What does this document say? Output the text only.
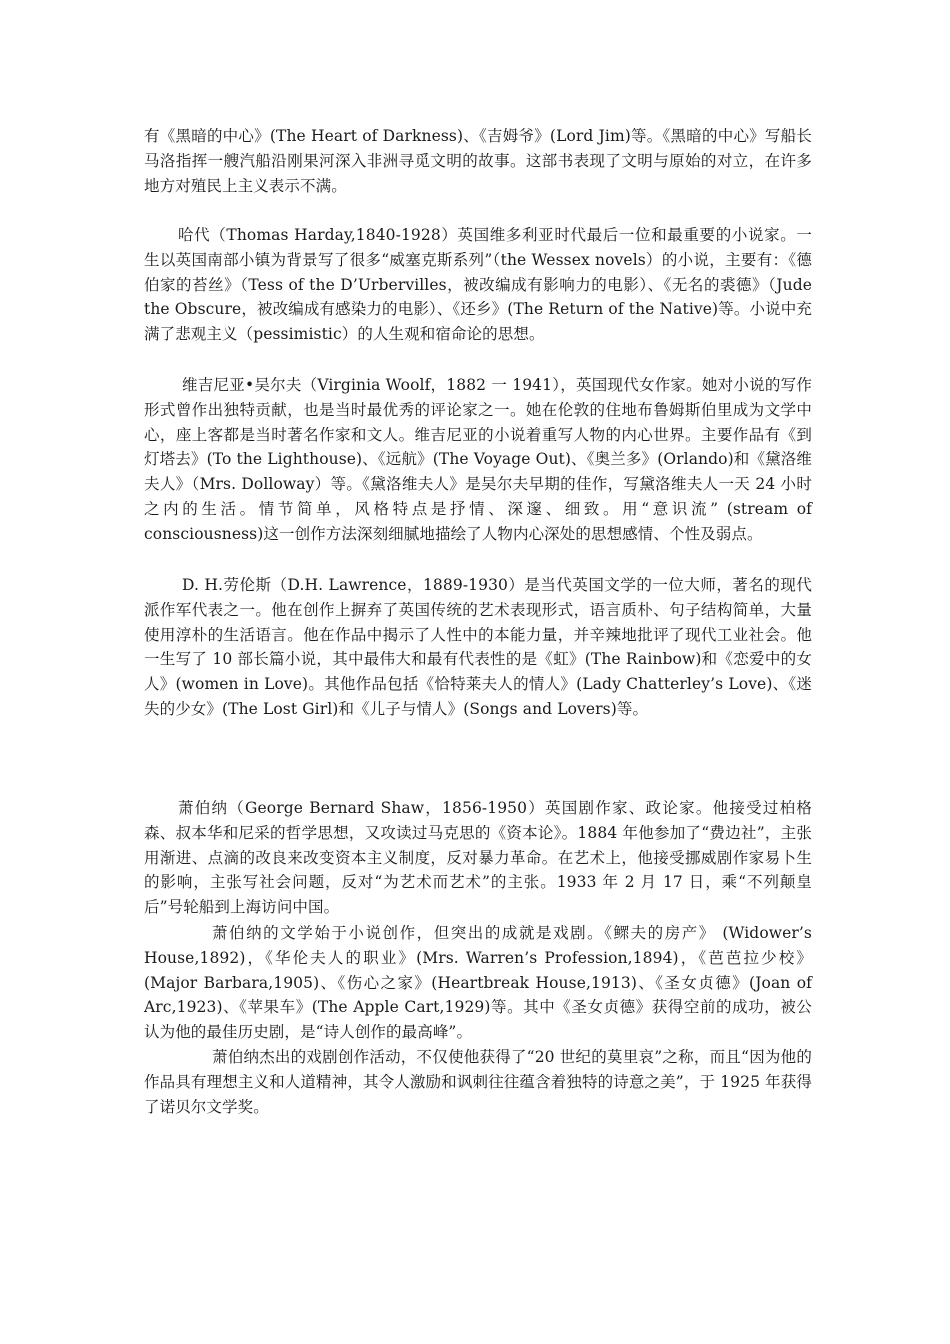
有《黑暗的中心》(The Heart of Darkness)、《吉姆爷》(Lord Jim)等。《黑暗的中心》写船长马洛指挥一艘汽船沿刚果河深入非洲寻觅文明的故事。这部书表现了文明与原始的对立，在许多地方对殖民上主义表示不满。

哈代（Thomas Harday,1840-1928）英国维多利亚时代最后一位和最重要的小说家。一生以英国南部小镇为背景写了很多“威塞克斯系列”（the Wessex novels）的小说，主要有：《德伯家的苔丝》（Tess of the D’Urbervilles，被改编成有影响力的电影）、《无名的裘德》（Jude the Obscure，被改编成有感染力的电影）、《还乡》(The Return of the Native)等。小说中充满了悲观主义（pessimistic）的人生观和宿命论的思想。

维吉尼亚•吴尔夫（Virginia Woolf，1882 一 1941），英国现代女作家。她对小说的写作形式曾作出独特贡献，也是当时最优秀的评论家之一。她在伦敦的住地布鲁姆斯伯里成为文学中心，座上客都是当时著名作家和文人。维吉尼亚的小说着重写人物的内心世界。主要作品有《到灯塔去》(To the Lighthouse)、《远航》(The Voyage Out)、《奥兰多》(Orlando)和《黛洛维夫人》（Mrs. Dolloway）等。《黛洛维夫人》是吴尔夫早期的佳作，写黛洛维夫人一天 24 小时之内的生活。情节简单，风格特点是抒情、深邃、细致。用“意识流” (stream of consciousness)这一创作方法深刻细腻地描绘了人物内心深处的思想感情、个性及弱点。

D. H.劳伦斯（D.H. Lawrence，1889-1930）是当代英国文学的一位大师，著名的现代派作军代表之一。他在创作上摒弃了英国传统的艺术表现形式，语言质朴、句子结构简单，大量使用淳朴的生活语言。他在作品中揭示了人性中的本能力量，并辛辣地批评了现代工业社会。他一生写了 10 部长篇小说，其中最伟大和最有代表性的是《虹》(The Rainbow)和《恋爱中的女人》(women in Love)。其他作品包括《恰特莱夫人的情人》(Lady Chatterley’s Love)、《迷失的少女》(The Lost Girl)和《儿子与情人》(Songs and Lovers)等。

萧伯纳（George Bernard Shaw，1856-1950）英国剧作家、政论家。他接受过柏格森、叔本华和尼采的哲学思想，又攻读过马克思的《资本论》。1884 年他参加了“费边社”，主张用渐进、点滴的改良来改变资本主义制度，反对暴力革命。在艺术上，他接受挪威剧作家易卜生的影响，主张写社会问题，反对“为艺术而艺术”的主张。1933 年 2 月 17 日，乘“不列颠皇后”号轮船到上海访问中国。

萧伯纳的文学始于小说创作，但突出的成就是戏剧。《鳏夫的房产》 (Widower’s House,1892)，《华伦夫人的职业》(Mrs. Warren’s Profession,1894)，《芭芭拉少校》(Major Barbara,1905)、《伤心之家》(Heartbreak House,1913)、《圣女贞德》(Joan of Arc,1923)、《苹果车》(The Apple Cart,1929)等。其中《圣女贞德》获得空前的成功，被公认为他的最佳历史剧，是“诗人创作的最高峰”。

萧伯纳杰出的戏剧创作活动，不仅使他获得了“20 世纪的莫里哀”之称，而且“因为他的作品具有理想主义和人道精神，其令人激励和讽刺往往蕴含着独特的诗意之美”，于 1925 年获得了诺贝尔文学奖。
